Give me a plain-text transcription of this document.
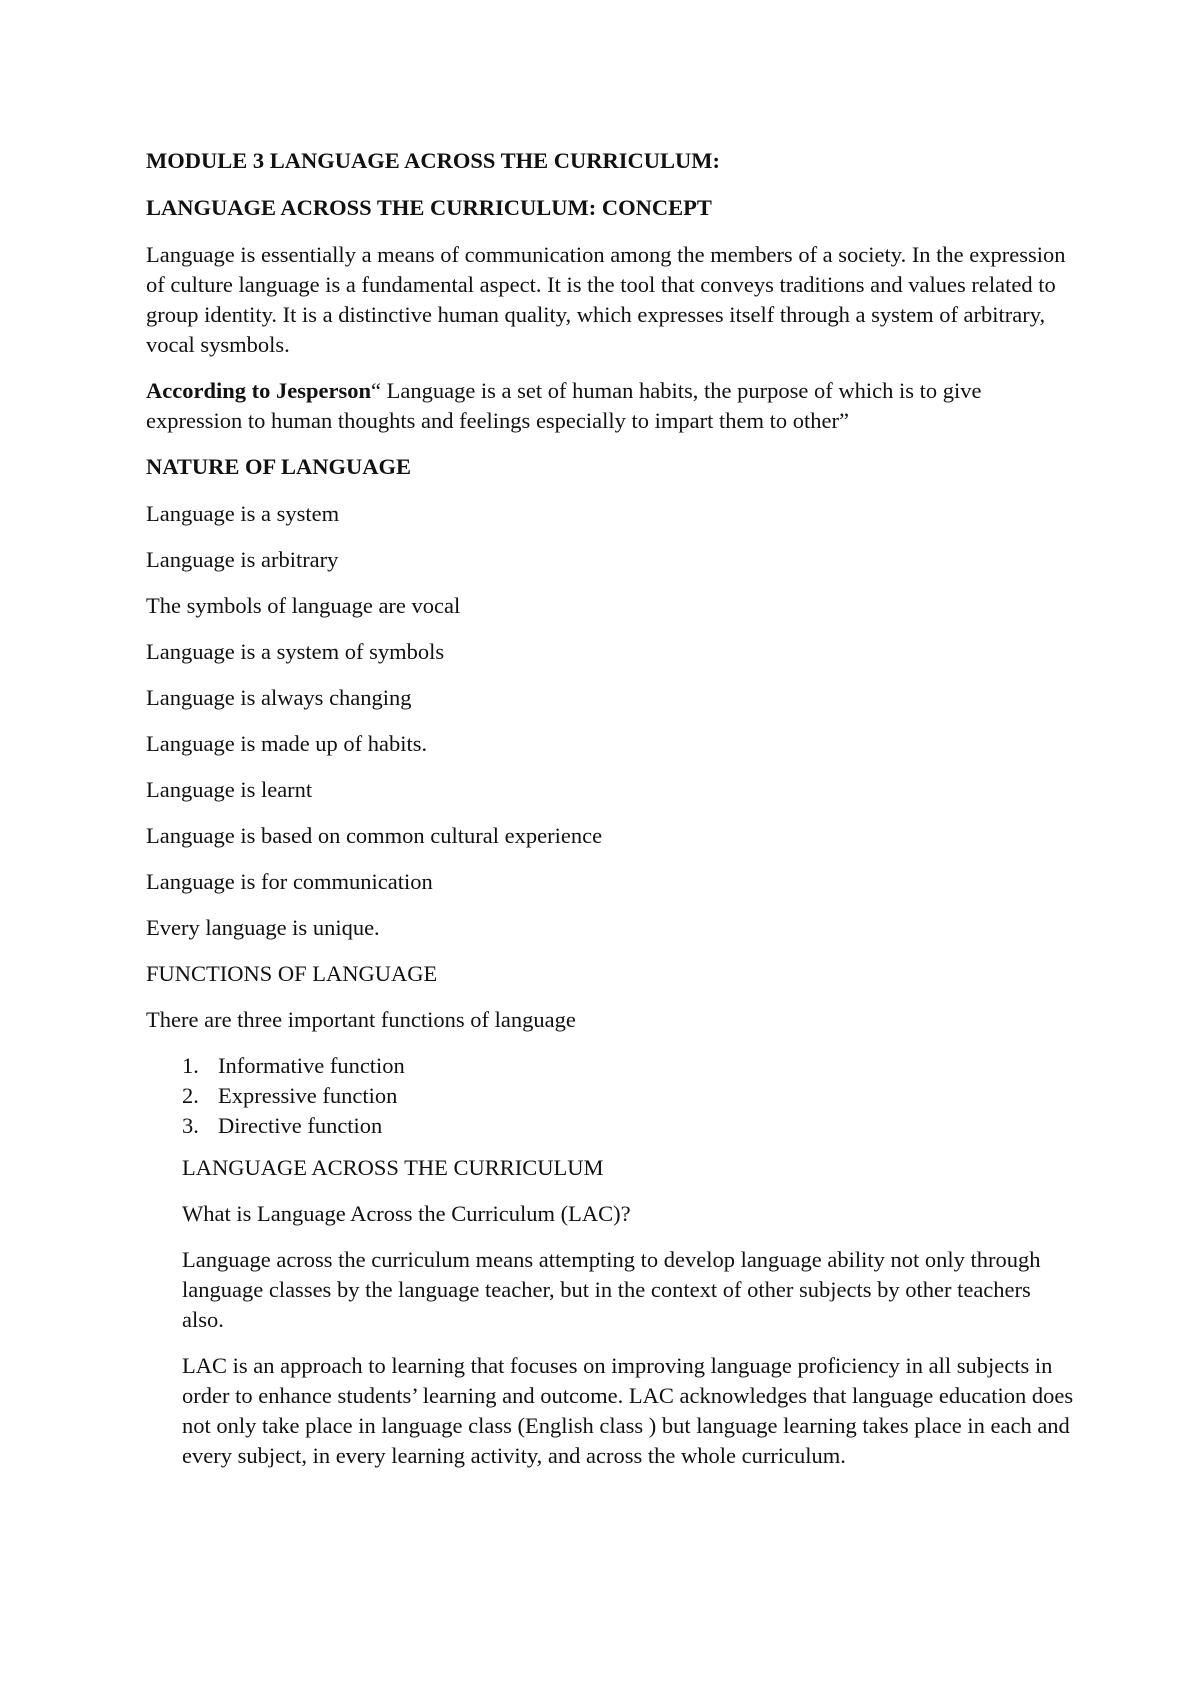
MODULE 3 LANGUAGE ACROSS THE CURRICULUM:
LANGUAGE ACROSS THE CURRICULUM: CONCEPT

Language is essentially a means of communication among the members of a society. In the expression of culture language is a fundamental aspect. It is the tool that conveys traditions and values related to group identity. It is a distinctive human quality, which expresses itself through a system of arbitrary, vocal sysmbols.

According to Jesperson“ Language is a set of human habits, the purpose of which is to give expression to human thoughts and feelings especially to impart them to other”

NATURE OF LANGUAGE
Language is a system
Language is arbitrary
The symbols of language are vocal
Language is a system of symbols
Language is always changing
Language is made up of habits.
Language is learnt
Language is based on common cultural experience
Language is for communication
Every language is unique.
FUNCTIONS OF LANGUAGE
There are three important functions of language
1. Informative function
2. Expressive function
3. Directive function
LANGUAGE ACROSS THE CURRICULUM
What is Language Across the Curriculum (LAC)?

Language across the curriculum means attempting to develop language ability not only through language classes by the language teacher, but in the context of other subjects by other teachers also.

LAC is an approach to learning that focuses on improving language proficiency in all subjects in order to enhance students’ learning and outcome. LAC acknowledges that language education does not only take place in language class (English class ) but language learning takes place in each and every subject, in every learning activity, and across the whole curriculum.
